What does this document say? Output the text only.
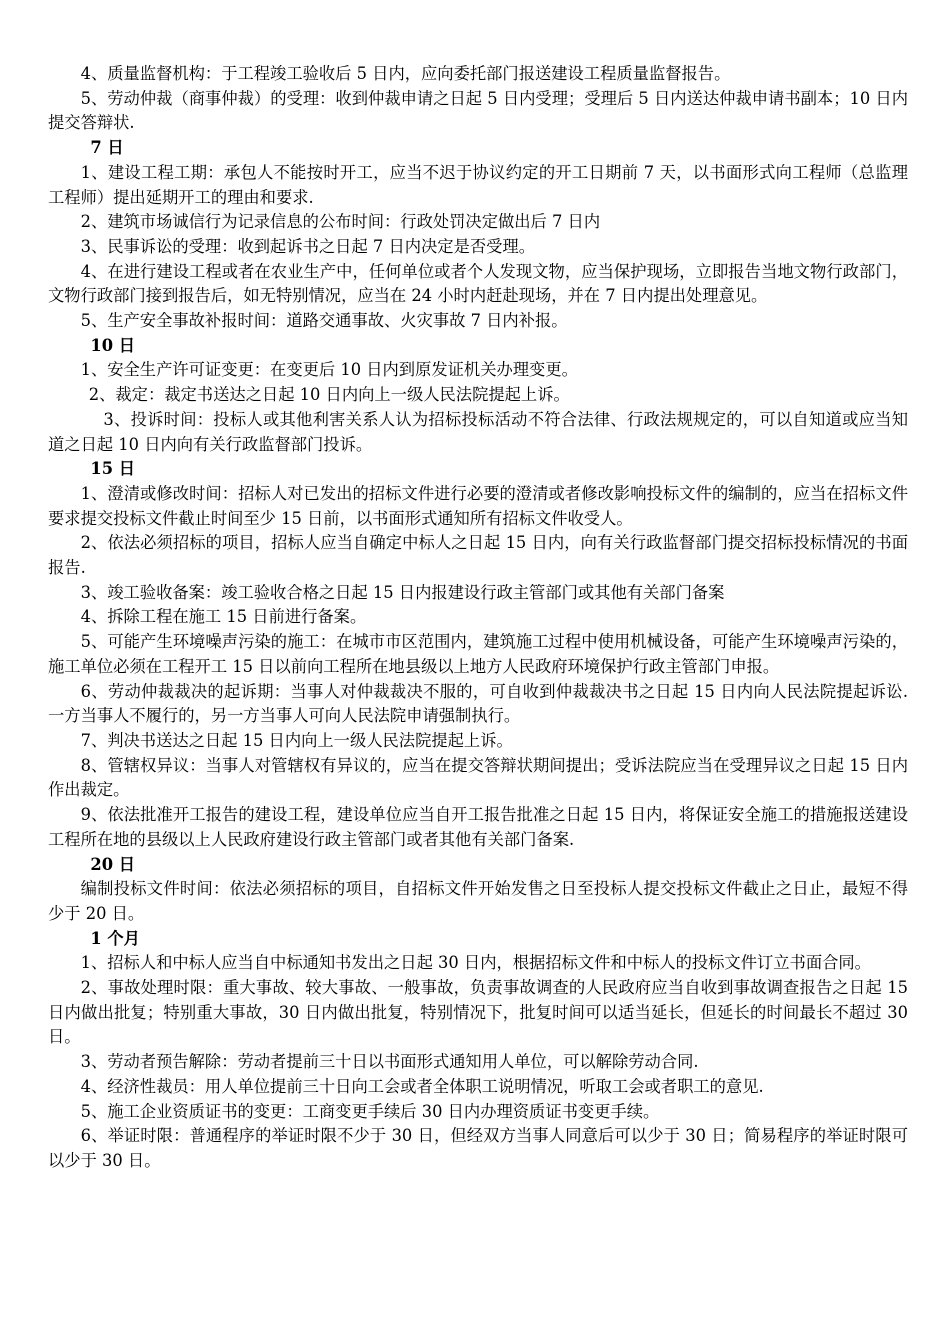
4、质量监督机构：于工程竣工验收后 5 日内，应向委托部门报送建设工程质量监督报告。

5、劳动仲裁（商事仲裁）的受理：收到仲裁申请之日起 5 日内受理；受理后 5 日内送达仲裁申请书副本；10 日内提交答辩状.

7 日

1、建设工程工期：承包人不能按时开工，应当不迟于协议约定的开工日期前 7 天，以书面形式向工程师（总监理工程师）提出延期开工的理由和要求.

2、建筑市场诚信行为记录信息的公布时间：行政处罚决定做出后 7 日内

3、民事诉讼的受理：收到起诉书之日起 7 日内决定是否受理。

4、在进行建设工程或者在农业生产中，任何单位或者个人发现文物，应当保护现场，立即报告当地文物行政部门，文物行政部门接到报告后，如无特别情况，应当在 24 小时内赶赴现场，并在 7 日内提出处理意见。

5、生产安全事故补报时间：道路交通事故、火灾事故 7 日内补报。

10 日

1、安全生产许可证变更：在变更后 10 日内到原发证机关办理变更。

2、裁定：裁定书送达之日起 10 日内向上一级人民法院提起上诉。

3、投诉时间：投标人或其他利害关系人认为招标投标活动不符合法律、行政法规规定的，可以自知道或应当知道之日起 10 日内向有关行政监督部门投诉。

15 日

1、澄清或修改时间：招标人对已发出的招标文件进行必要的澄清或者修改影响投标文件的编制的，应当在招标文件要求提交投标文件截止时间至少 15 日前，以书面形式通知所有招标文件收受人。

2、依法必须招标的项目，招标人应当自确定中标人之日起 15 日内，向有关行政监督部门提交招标投标情况的书面报告.

3、竣工验收备案：竣工验收合格之日起 15 日内报建设行政主管部门或其他有关部门备案

4、拆除工程在施工 15 日前进行备案。

5、可能产生环境噪声污染的施工：在城市市区范围内，建筑施工过程中使用机械设备，可能产生环境噪声污染的，施工单位必须在工程开工 15 日以前向工程所在地县级以上地方人民政府环境保护行政主管部门申报。

6、劳动仲裁裁决的起诉期：当事人对仲裁裁决不服的，可自收到仲裁裁决书之日起 15 日内向人民法院提起诉讼.一方当事人不履行的，另一方当事人可向人民法院申请强制执行。

7、判决书送达之日起 15 日内向上一级人民法院提起上诉。

8、管辖权异议：当事人对管辖权有异议的，应当在提交答辩状期间提出；受诉法院应当在受理异议之日起 15 日内作出裁定。

9、依法批准开工报告的建设工程，建设单位应当自开工报告批准之日起 15 日内，将保证安全施工的措施报送建设工程所在地的县级以上人民政府建设行政主管部门或者其他有关部门备案.

20 日

编制投标文件时间：依法必须招标的项目，自招标文件开始发售之日至投标人提交投标文件截止之日止，最短不得少于 20 日。

1 个月

1、招标人和中标人应当自中标通知书发出之日起 30 日内，根据招标文件和中标人的投标文件订立书面合同。

2、事故处理时限：重大事故、较大事故、一般事故，负责事故调查的人民政府应当自收到事故调查报告之日起 15 日内做出批复；特别重大事故，30 日内做出批复，特别情况下，批复时间可以适当延长，但延长的时间最长不超过 30 日。

3、劳动者预告解除：劳动者提前三十日以书面形式通知用人单位，可以解除劳动合同.

4、经济性裁员：用人单位提前三十日向工会或者全体职工说明情况，听取工会或者职工的意见.

5、施工企业资质证书的变更：工商变更手续后 30 日内办理资质证书变更手续。

6、举证时限：普通程序的举证时限不少于 30 日，但经双方当事人同意后可以少于 30 日；简易程序的举证时限可以少于 30 日。
